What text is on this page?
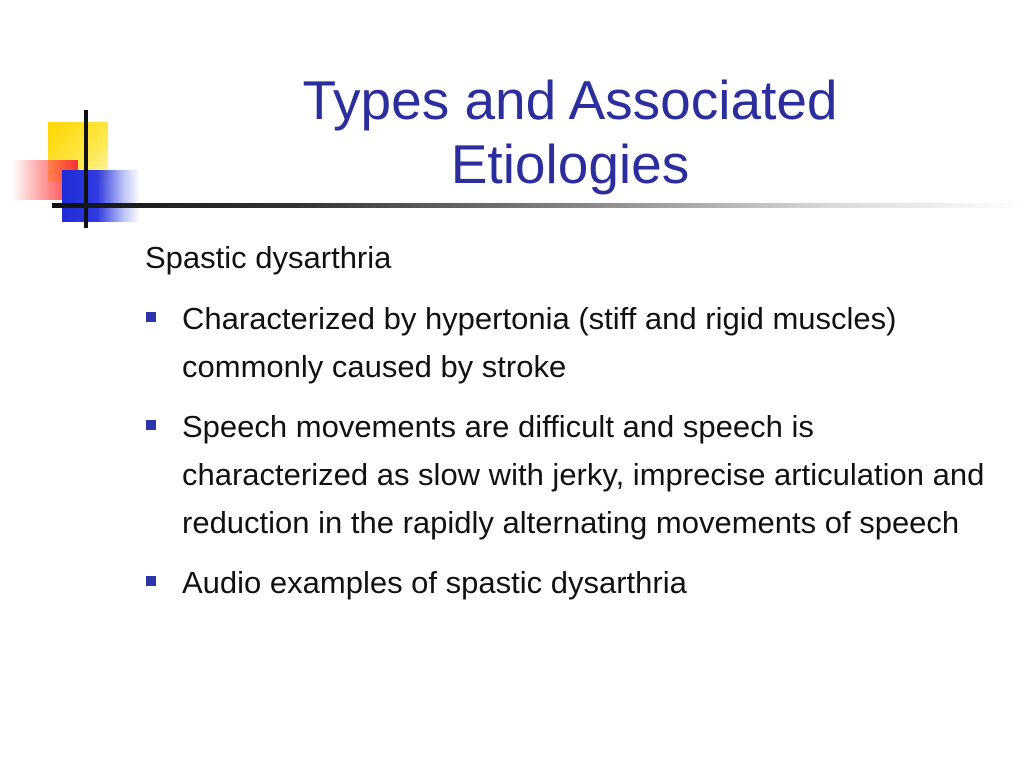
Types and Associated Etiologies

Spastic dysarthria

Characterized by hypertonia (stiff and rigid muscles) commonly caused by stroke
Speech movements are difficult and speech is characterized as slow with jerky, imprecise articulation and reduction in the rapidly alternating movements of speech
Audio examples of spastic dysarthria
